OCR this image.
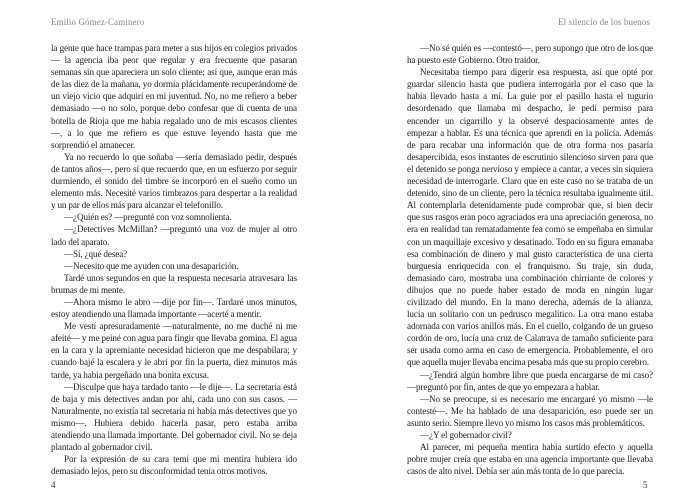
Emilio Gómez-Caminero

la gente que hace trampas para meter a sus hijos en colegios privados— la agencia iba peor que regular y era frecuente que pasaran semanas sin que apareciera un solo cliente; así que, aunque eran más de las diez de la mañana, yo dormía plácidamente recuperándome de un viejo vicio que adquirí en mi juventud. No, no me refiero a beber demasiado —o no solo, porque debo confesar que di cuenta de una botella de Rioja que me había regalado uno de mis escasos clientes—, a lo que me refiero es que estuve leyendo hasta que me sorprendió el amanecer.

Ya no recuerdo lo que soñaba —sería demasiado pedir, después de tantos años—, pero sí que recuerdo que, en un esfuerzo por seguir durmiendo, el sonido del timbre se incorporó en el sueño como un elemento más. Necesité varios timbrazos para despertar a la realidad y un par de ellos más para alcanzar el telefonillo.

—¿Quién es? —pregunté con voz somnolienta.

—¿Detectives McMillan? —preguntó una voz de mujer al otro lado del aparato.

—Sí, ¿qué desea?

—Necesito que me ayuden con una desaparición.

Tardé unos segundos en que la respuesta necesaria atravesara las brumas de mi mente.

—Ahora mismo le abro —dije por fin—. Tardaré unos minutos, estoy atendiendo una llamada importante —acerté a mentir.

Me vestí apresuradamente —naturalmente, no me duché ni me afeité— y me peiné con agua para fingir que llevaba gomina. El agua en la cara y la apremiante necesidad hicieron que me despabilara; y cuando bajé la escalera y le abrí por fin la puerta, diez minutos más tarde, ya había pergeñado una bonita excusa.

—Disculpe que haya tardado tanto —le dije—. La secretaria está de baja y mis detectives andan por ahí, cada uno con sus casos. —Naturalmente, no existía tal secretaria ni había más detectives que yo mismo—. Hubiera debido hacerla pasar, pero estaba arriba atendiendo una llamada importante. Del gobernador civil. No se deja plantado al gobernador civil.

Por la expresión de su cara temí que mi mentira hubiera ido demasiado lejos, pero su disconformidad tenía otros motivos.

4
El silencio de los buenos

—No sé quién es —contestó—, pero supongo que otro de los que ha puesto este Gobierno. Otro traidor.

Necesitaba tiempo para digerir esa respuesta, así que opté por guardar silencio hasta que pudiera interrogarla por el caso que la había llevado hasta a mí. La guie por el pasillo hasta el tugurio desordenado que llamaba mi despacho, le pedí permiso para encender un cigarrillo y la observé despaciosamente antes de empezar a hablar. Es una técnica que aprendí en la policía. Además de para recabar una información que de otra forma nos pasaría desapercibida, esos instantes de escrutinio silencioso sirven para que el detenido se ponga nervioso y empiece a cantar, a veces sin siquiera necesidad de interrogarle. Claro que en este caso no se trataba de un detenido, sino de un cliente, pero la técnica resultaba igualmente útil. Al contemplarla detenidamente pude comprobar que, si bien decir que sus rasgos eran poco agraciados era una apreciación generosa, no era en realidad tan rematadamente fea como se empeñaba en simular con un maquillaje excesivo y desatinado. Todo en su figura emanaba esa combinación de dinero y mal gusto característica de una cierta burguesía enriquecida con el franquismo. Su traje, sin duda, demasiado caro, mostraba una combinación chirriante de colores y dibujos que no puede haber estado de moda en ningún lugar civilizado del mundo. En la mano derecha, además de la alianza, lucía un solitario con un pedrusco megalítico. La otra mano estaba adornada con varios anillos más. En el cuello, colgando de un grueso cordón de oro, lucía una cruz de Calatrava de tamaño suficiente para ser usada como arma en caso de emergencia. Probablemente, el oro que aquella mujer llevaba encima pesaba más que su propio cerebro.

—¿Tendrá algún hombre libre que pueda encargarse de mi caso? —preguntó por fin, antes de que yo empezara a hablar.

—No se preocupe, si es necesario me encargaré yo mismo —le contesté—. Me ha hablado de una desaparición, eso puede ser un asunto serio. Siempre llevo yo mismo los casos más problemáticos.

—¿Y el gobernador civil?

Al parecer, mi pequeña mentira había surtido efecto y aquella pobre mujer creía que estaba en una agencia importante que llevaba casos de alto nivel. Debía ser aún más tonta de lo que parecía.

5
